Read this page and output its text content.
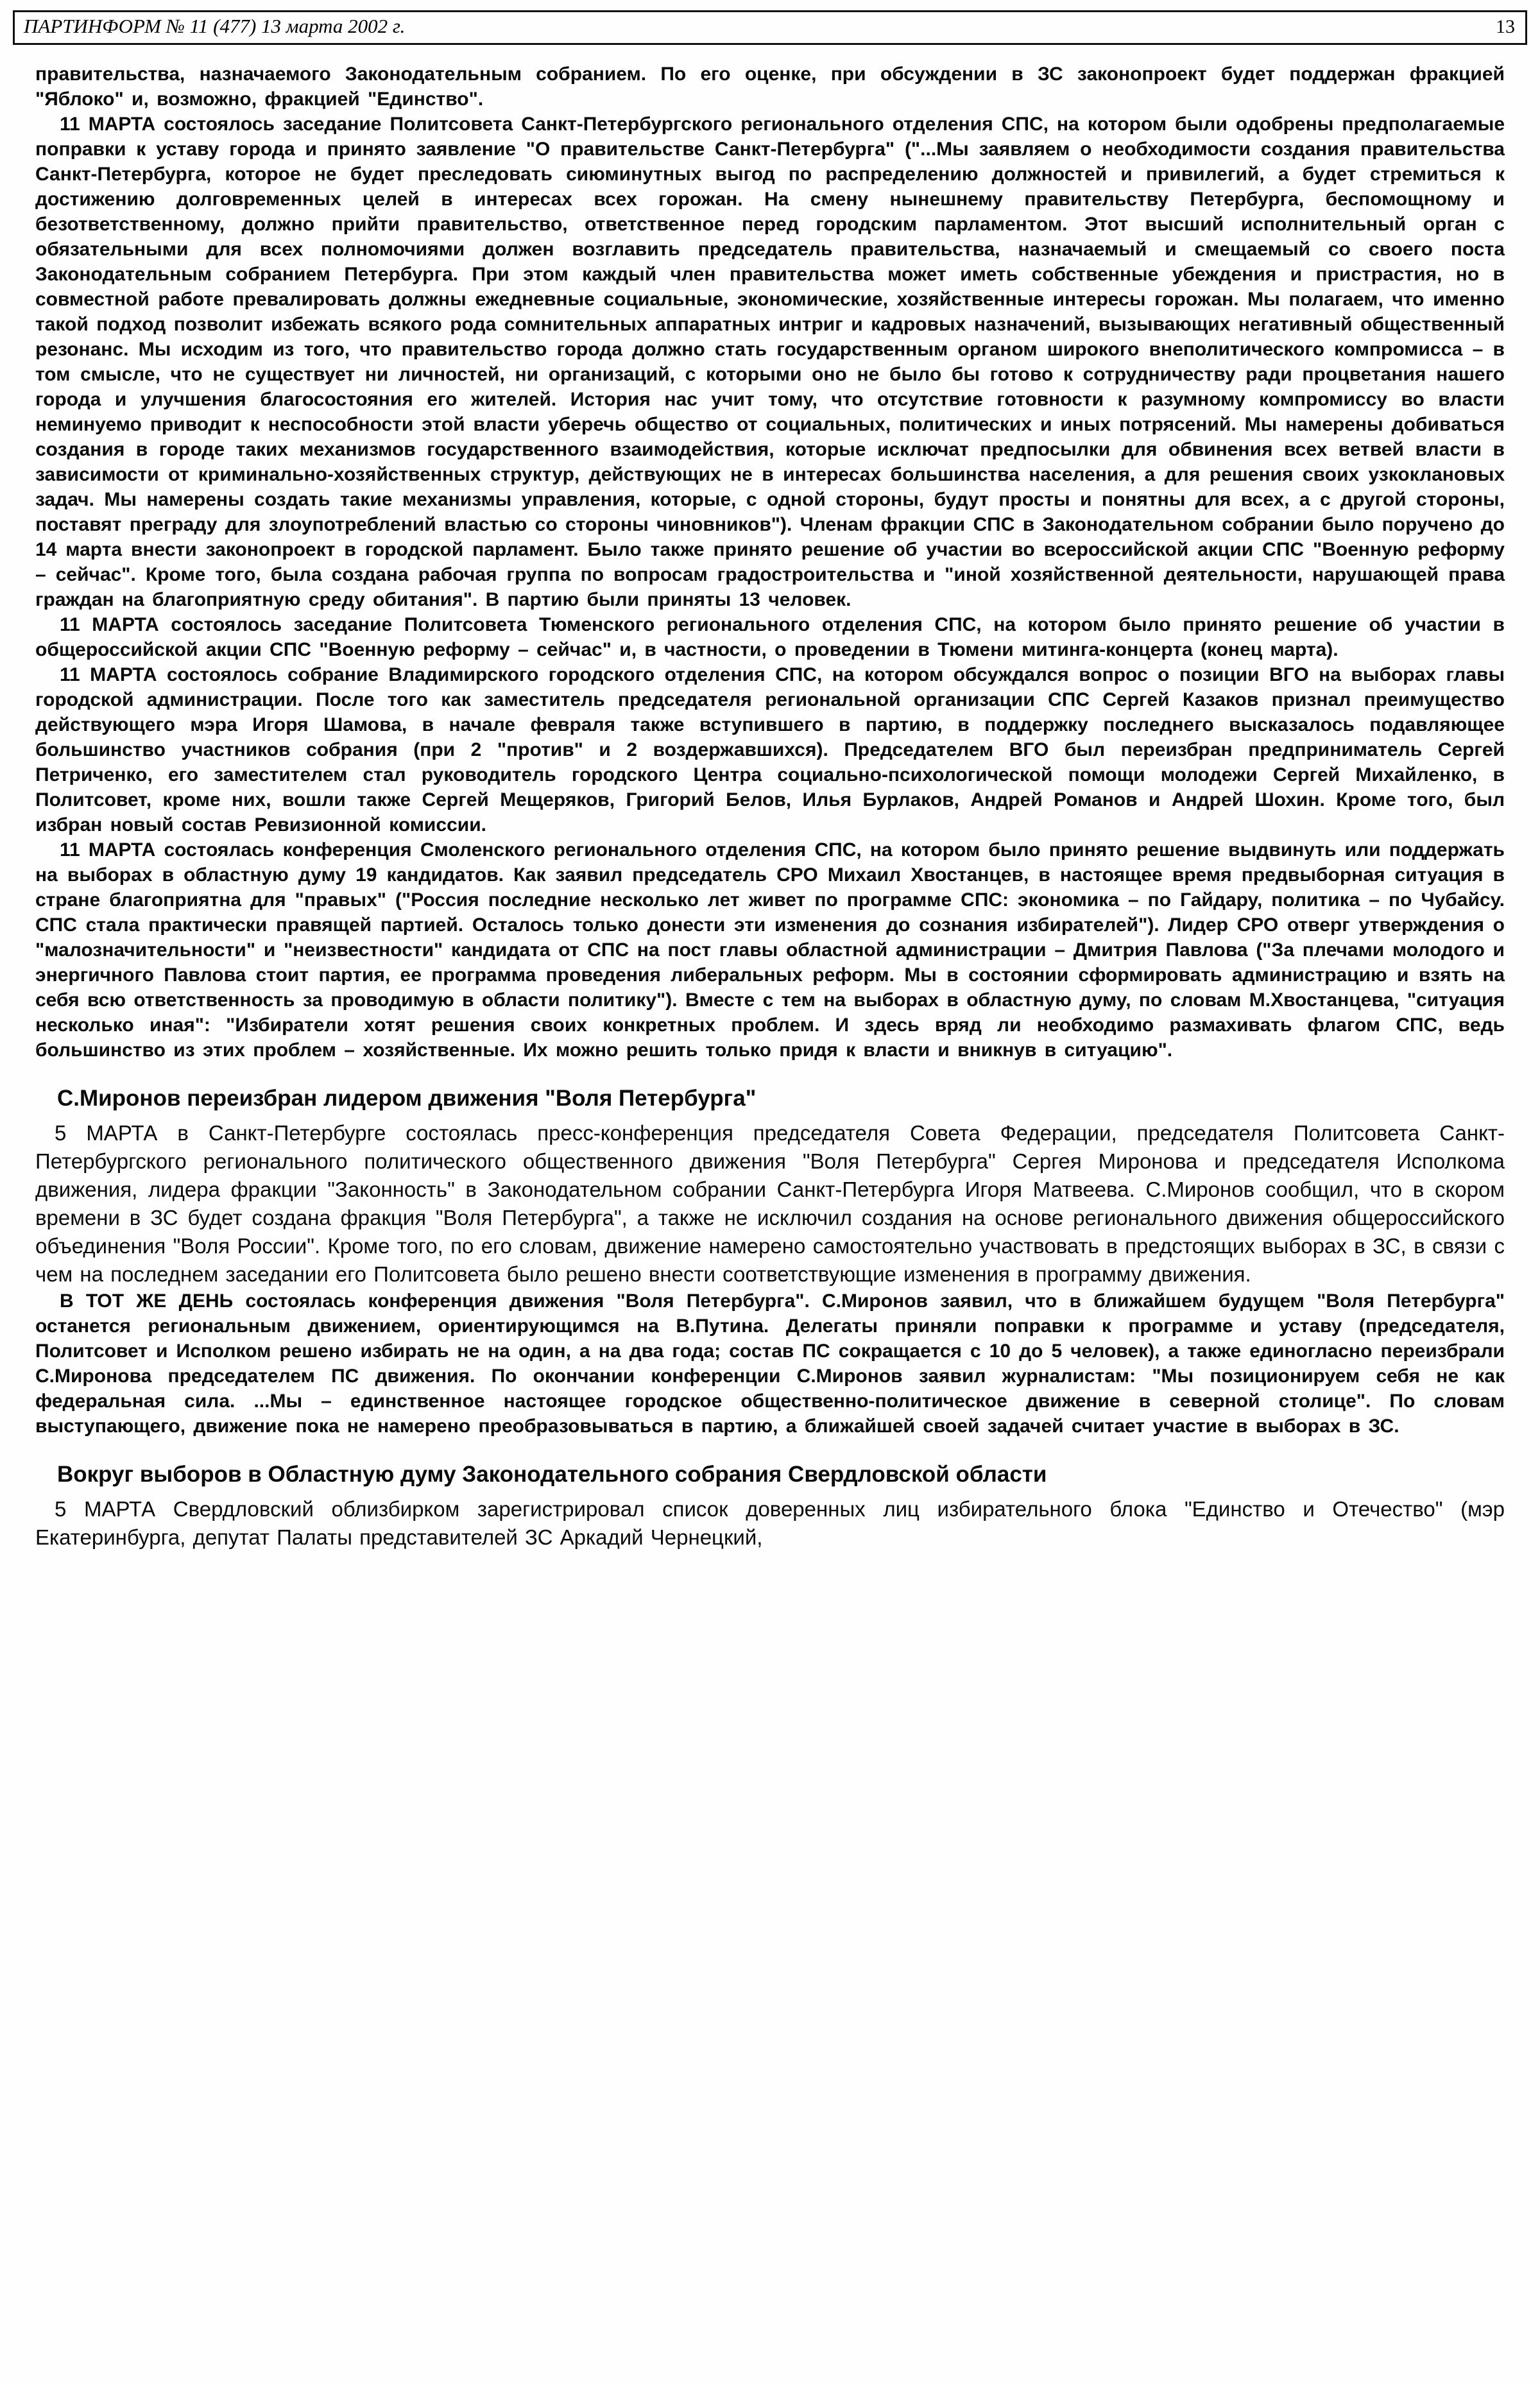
ПАРТИНФОРМ № 11 (477) 13 марта 2002 г.	13

правительства, назначаемого Законодательным собранием. По его оценке, при обсуждении в ЗС законопроект будет поддержан фракцией "Яблоко" и, возможно, фракцией "Единство".

11 МАРТА состоялось заседание Политсовета Санкт-Петербургского регионального отделения СПС, на котором были одобрены предполагаемые поправки к уставу города и принято заявление "О правительстве Санкт-Петербурга" ("...Мы заявляем о необходимости создания правительства Санкт-Петербурга, которое не будет преследовать сиюминутных выгод по распределению должностей и привилегий, а будет стремиться к достижению долговременных целей в интересах всех горожан. На смену нынешнему правительству Петербурга, беспомощному и безответственному, должно прийти правительство, ответственное перед городским парламентом. Этот высший исполнительный орган с обязательными для всех полномочиями должен возглавить председатель правительства, назначаемый и смещаемый со своего поста Законодательным собранием Петербурга. При этом каждый член правительства может иметь собственные убеждения и пристрастия, но в совместной работе превалировать должны ежедневные социальные, экономические, хозяйственные интересы горожан. Мы полагаем, что именно такой подход позволит избежать всякого рода сомнительных аппаратных интриг и кадровых назначений, вызывающих негативный общественный резонанс. Мы исходим из того, что правительство города должно стать государственным органом широкого внеполитического компромисса – в том смысле, что не существует ни личностей, ни организаций, с которыми оно не было бы готово к сотрудничеству ради процветания нашего города и улучшения благосостояния его жителей. История нас учит тому, что отсутствие готовности к разумному компромиссу во власти неминуемо приводит к неспособности этой власти уберечь общество от социальных, политических и иных потрясений. Мы намерены добиваться создания в городе таких механизмов государственного взаимодействия, которые исключат предпосылки для обвинения всех ветвей власти в зависимости от криминально-хозяйственных структур, действующих не в интересах большинства населения, а для решения своих узкоклановых задач. Мы намерены создать такие механизмы управления, которые, с одной стороны, будут просты и понятны для всех, а с другой стороны, поставят преграду для злоупотреблений властью со стороны чиновников"). Членам фракции СПС в Законодательном собрании было поручено до 14 марта внести законопроект в городской парламент. Было также принято решение об участии во всероссийской акции СПС "Военную реформу – сейчас". Кроме того, была создана рабочая группа по вопросам градостроительства и "иной хозяйственной деятельности, нарушающей права граждан на благоприятную среду обитания". В партию были приняты 13 человек.

11 МАРТА состоялось заседание Политсовета Тюменского регионального отделения СПС, на котором было принято решение об участии в общероссийской акции СПС "Военную реформу – сейчас" и, в частности, о проведении в Тюмени митинга-концерта (конец марта).

11 МАРТА состоялось собрание Владимирского городского отделения СПС, на котором обсуждался вопрос о позиции ВГО на выборах главы городской администрации. После того как заместитель председателя региональной организации СПС Сергей Казаков признал преимущество действующего мэра Игоря Шамова, в начале февраля также вступившего в партию, в поддержку последнего высказалось подавляющее большинство участников собрания (при 2 "против" и 2 воздержавшихся). Председателем ВГО был переизбран предприниматель Сергей Петриченко, его заместителем стал руководитель городского Центра социально-психологической помощи молодежи Сергей Михайленко, в Политсовет, кроме них, вошли также Сергей Мещеряков, Григорий Белов, Илья Бурлаков, Андрей Романов и Андрей Шохин. Кроме того, был избран новый состав Ревизионной комиссии.

11 МАРТА состоялась конференция Смоленского регионального отделения СПС, на котором было принято решение выдвинуть или поддержать на выборах в областную думу 19 кандидатов. Как заявил председатель СРО Михаил Хвостанцев, в настоящее время предвыборная ситуация в стране благоприятна для "правых" ("Россия последние несколько лет живет по программе СПС: экономика – по Гайдару, политика – по Чубайсу. СПС стала практически правящей партией. Осталось только донести эти изменения до сознания избирателей"). Лидер СРО отверг утверждения о "малозначительности" и "неизвестности" кандидата от СПС на пост главы областной администрации – Дмитрия Павлова ("За плечами молодого и энергичного Павлова стоит партия, ее программа проведения либеральных реформ. Мы в состоянии сформировать администрацию и взять на себя всю ответственность за проводимую в области политику"). Вместе с тем на выборах в областную думу, по словам М.Хвостанцева, "ситуация несколько иная": "Избиратели хотят решения своих конкретных проблем. И здесь вряд ли необходимо размахивать флагом СПС, ведь большинство из этих проблем – хозяйственные. Их можно решить только придя к власти и вникнув в ситуацию".

С.Миронов переизбран лидером движения "Воля Петербурга"

5 МАРТА в Санкт-Петербурге состоялась пресс-конференция председателя Совета Федерации, председателя Политсовета Санкт-Петербургского регионального политического общественного движения "Воля Петербурга" Сергея Миронова и председателя Исполкома движения, лидера фракции "Законность" в Законодательном собрании Санкт-Петербурга Игоря Матвеева. С.Миронов сообщил, что в скором времени в ЗС будет создана фракция "Воля Петербурга", а также не исключил создания на основе регионального движения общероссийского объединения "Воля России". Кроме того, по его словам, движение намерено самостоятельно участвовать в предстоящих выборах в ЗС, в связи с чем на последнем заседании его Политсовета было решено внести соответствующие изменения в программу движения.

В ТОТ ЖЕ ДЕНЬ состоялась конференция движения "Воля Петербурга". С.Миронов заявил, что в ближайшем будущем "Воля Петербурга" останется региональным движением, ориентирующимся на В.Путина. Делегаты приняли поправки к программе и уставу (председателя, Политсовет и Исполком решено избирать не на один, а на два года; состав ПС сокращается с 10 до 5 человек), а также единогласно переизбрали С.Миронова председателем ПС движения. По окончании конференции С.Миронов заявил журналистам: "Мы позиционируем себя не как федеральная сила. ...Мы – единственное настоящее городское общественно-политическое движение в северной столице". По словам выступающего, движение пока не намерено преобразовываться в партию, а ближайшей своей задачей считает участие в выборах в ЗС.

Вокруг выборов в Областную думу Законодательного собрания Свердловской области

5 МАРТА Свердловский облизбирком зарегистрировал список доверенных лиц избирательного блока "Единство и Отечество" (мэр Екатеринбурга, депутат Палаты представителей ЗС Аркадий Чернецкий,
